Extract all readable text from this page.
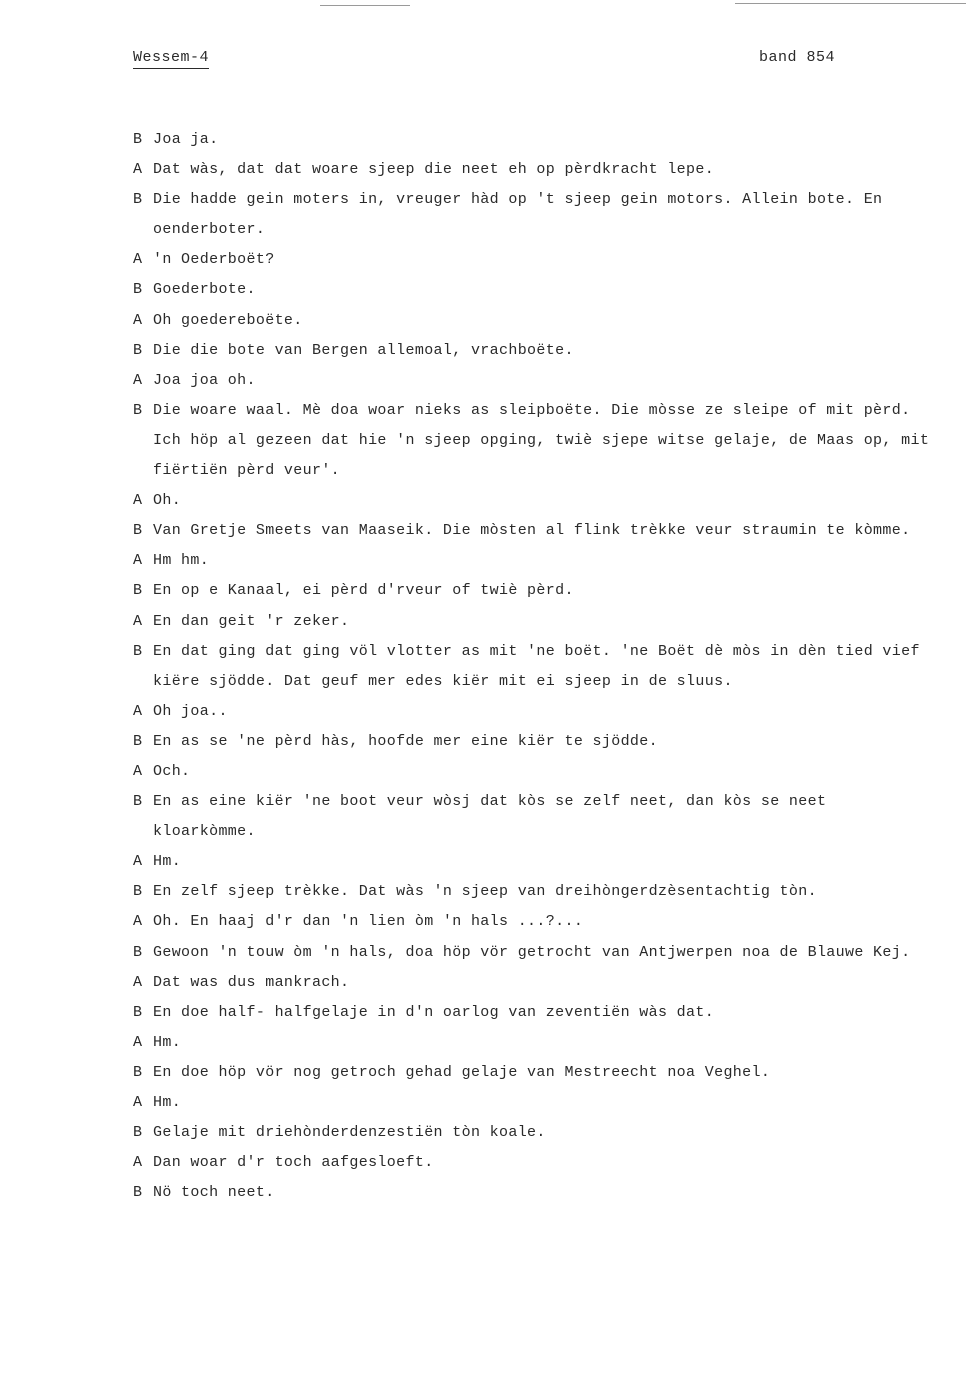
Wessem-4	band 854
B Joa ja.
A Dat wàs, dat dat woare sjeep die neet eh op pèrdkracht lepe.
B Die hadde gein moters in, vreuger hàd op 't sjeep gein motors. Allein bote. En oenderboter.
A 'n Oederboët?
B Goederbote.
A Oh goedereboëte.
B Die die bote van Bergen allemoal, vrachboëte.
A Joa joa oh.
B Die woare waal. Mè doa woar nieks as sleipboëte. Die mòsse ze sleipe of mit pèrd. Ich höp al gezeen dat hie 'n sjeep opging, twiè sjepe witse gelaje, de Maas op, mit fiërtiën pèrd veur'.
A Oh.
B Van Gretje Smeets van Maaseik. Die mòsten al flink trèkke veur straumin te kòmme.
A Hm hm.
B En op e Kanaal, ei pèrd d'rveur of twiè pèrd.
A En dan geit 'r zeker.
B En dat ging dat ging völ vlotter as mit 'ne boët. 'ne Boët dè mòs in dèn tied vief kiëre sjödde. Dat geuf mer edes kiër mit ei sjeep in de sluus.
A Oh joa..
B En as se 'ne pèrd hàs, hoofde mer eine kiër te sjödde.
A Och.
B En as eine kiër 'ne boot veur wòsj dat kòs se zelf neet, dan kòs se neet kloarkòmme.
A Hm.
B En zelf sjeep trèkke. Dat wàs 'n sjeep van dreihòngerdzèsentachtig tòn.
A Oh. En haaj d'r dan 'n lien òm 'n hals ...?...
B Gewoon 'n touw òm 'n hals, doa höp vör getrocht van Antjwerpen noa de Blauwe Kej.
A Dat was dus mankrach.
B En doe half- halfgelaje in d'n oarlog van zeventiën wàs dat.
A Hm.
B En doe höp vör nog getroch gehad gelaje van Mestreecht noa Veghel.
A Hm.
B Gelaje mit driehònderdenzestiën tòn koale.
A Dan woar d'r toch aafgesloeft.
B Nö toch neet.
